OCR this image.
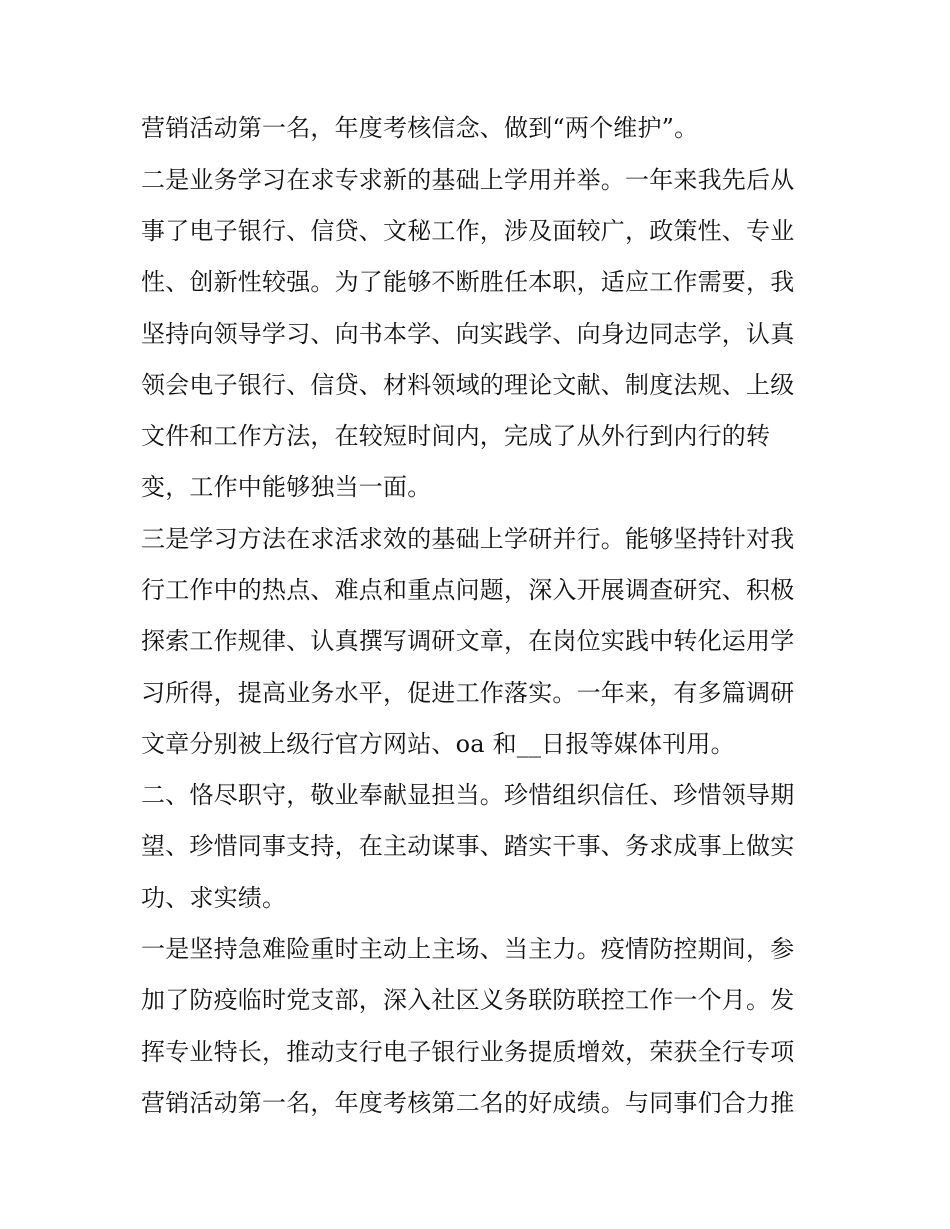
营销活动第一名，年度考核信念、做到“两个维护”。
二是业务学习在求专求新的基础上学用并举。一年来我先后从
事了电子银行、信贷、文秘工作，涉及面较广，政策性、专业
性、创新性较强。为了能够不断胜任本职，适应工作需要，我
坚持向领导学习、向书本学、向实践学、向身边同志学，认真
领会电子银行、信贷、材料领域的理论文献、制度法规、上级
文件和工作方法，在较短时间内，完成了从外行到内行的转
变，工作中能够独当一面。
三是学习方法在求活求效的基础上学研并行。能够坚持针对我
行工作中的热点、难点和重点问题，深入开展调查研究、积极
探索工作规律、认真撰写调研文章，在岗位实践中转化运用学
习所得，提高业务水平，促进工作落实。一年来，有多篇调研
文章分别被上级行官方网站、oa 和__日报等媒体刊用。
二、恪尽职守，敬业奉献显担当。珍惜组织信任、珍惜领导期
望、珍惜同事支持，在主动谋事、踏实干事、务求成事上做实
功、求实绩。
一是坚持急难险重时主动上主场、当主力。疫情防控期间，参
加了防疫临时党支部，深入社区义务联防联控工作一个月。发
挥专业特长，推动支行电子银行业务提质增效，荣获全行专项
营销活动第一名，年度考核第二名的好成绩。与同事们合力推
